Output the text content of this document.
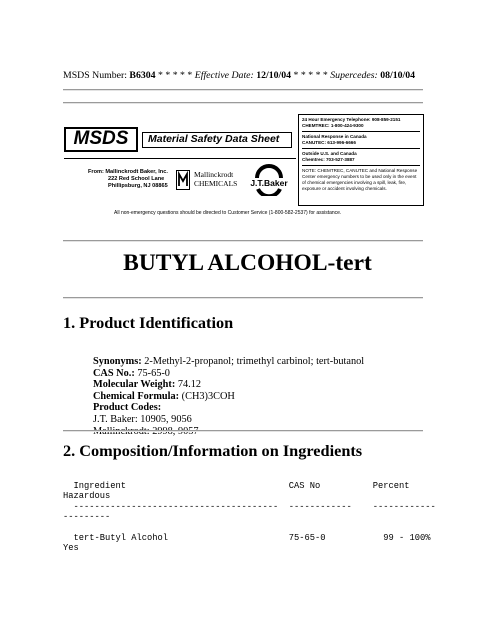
MSDS Number: B6304 * * * * * Effective Date: 12/10/04 * * * * * Supercedes: 08/10/04
MSDS	Material Safety Data Sheet
24 Hour Emergency Telephone: 908-859-2151
CHEMTREC: 1-800-424-9300
National Response in Canada
CANUTEC: 613-996-6666
Outside U.S. and Canada
Chemtrec: 703-527-3887
NOTE: CHEMTREC, CANUTEC and National Response Center emergency numbers to be used only in the event of chemical emergencies involving a spill, leak, fire, exposure or accident involving chemicals.
From: Mallinckrodt Baker, Inc.
222 Red School Lane
Phillipsburg, NJ 08865
Mallinckrodt
CHEMICALS J.T.Baker
All non-emergency questions should be directed to Customer Service (1-800-582-2537) for assistance.
BUTYL ALCOHOL-tert
1. Product Identification
Synonyms: 2-Methyl-2-propanol; trimethyl carbinol; tert-butanol
CAS No.: 75-65-0
Molecular Weight: 74.12
Chemical Formula: (CH3)3COH
Product Codes:
J.T. Baker: 10905, 9056
Mallinckrodt: 2998, 9057
2. Composition/Information on Ingredients
Ingredient                               CAS No          Percent
Hazardous
---------------------------------------  ------------    ------------
---------

tert-Butyl Alcohol                       75-65-0           99 - 100%
Yes
